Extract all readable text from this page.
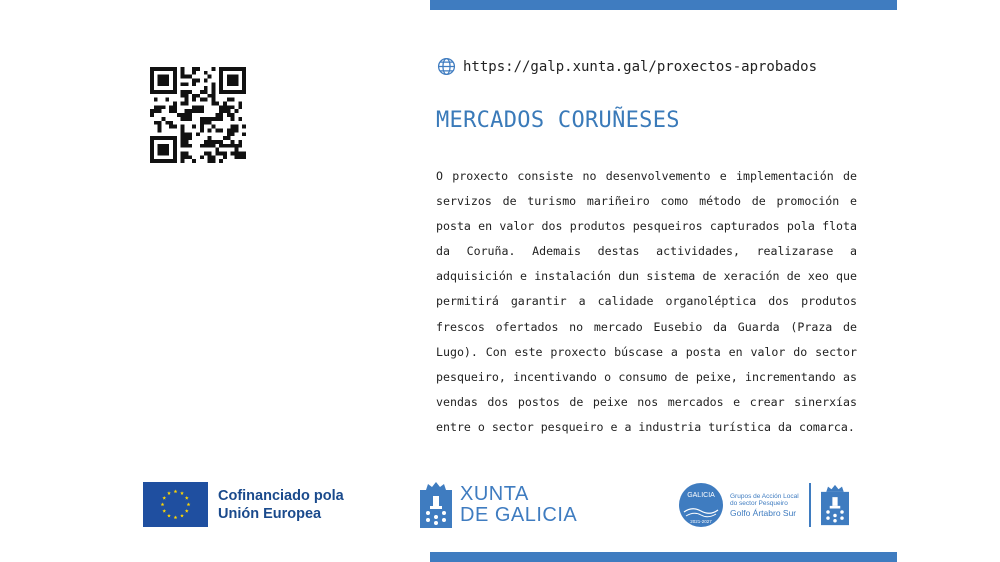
https://galp.xunta.gal/proxectos-aprobados
MERCADOS CORUÑESES

O proxecto consiste no desenvolvemento e implementación de servizos de turismo mariñeiro como método de promoción e posta en valor dos produtos pesqueiros capturados pola flota da Coruña. Ademais destas actividades, realizarase a adquisición e instalación dun sistema de xeración de xeo que permitirá garantir a calidade organoléptica dos produtos frescos ofertados no mercado Eusebio da Guarda (Praza de Lugo). Con este proxecto búscase a posta en valor do sector pesqueiro, incentivando o consumo de peixe, incrementando as vendas dos postos de peixe nos mercados e crear sinerxías entre o sector pesqueiro e a industria turística da comarca.

Cofinanciado pola
Unión Europea
XUNTA
DE GALICIA
GALICIA
2021-2027
Grupos de Acción Local
do sector Pesqueiro
Golfo Ártabro Sur
